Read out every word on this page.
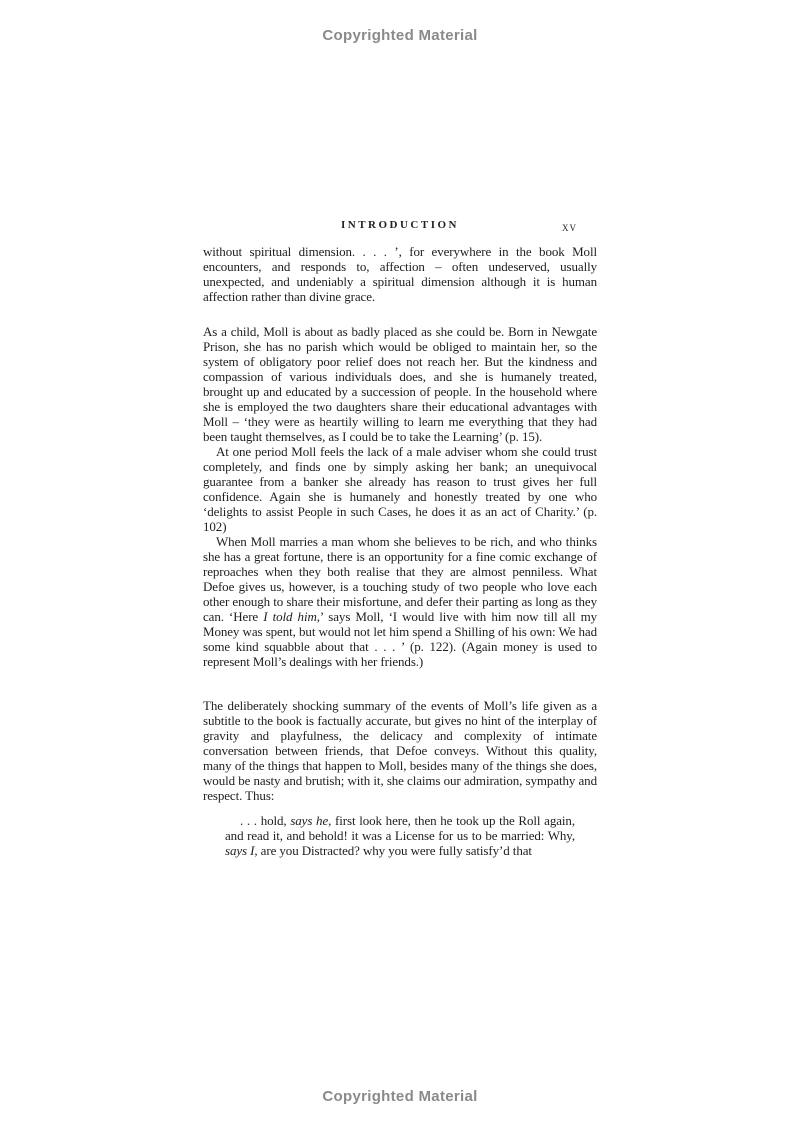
Copyrighted Material
INTRODUCTION	xv

without spiritual dimension. . . . ’, for everywhere in the book Moll encounters, and responds to, affection – often undeserved, usually unexpected, and undeniably a spiritual dimension although it is human affection rather than divine grace.

As a child, Moll is about as badly placed as she could be. Born in Newgate Prison, she has no parish which would be obliged to maintain her, so the system of obligatory poor relief does not reach her. But the kindness and compassion of various individuals does, and she is humanely treated, brought up and educated by a succession of people. In the household where she is employed the two daughters share their educational advantages with Moll – ‘they were as heartily willing to learn me everything that they had been taught themselves, as I could be to take the Learning’ (p. 15).

At one period Moll feels the lack of a male adviser whom she could trust completely, and finds one by simply asking her bank; an unequivocal guarantee from a banker she already has reason to trust gives her full confidence. Again she is humanely and honestly treated by one who ‘delights to assist People in such Cases, he does it as an act of Charity.’ (p. 102)

When Moll marries a man whom she believes to be rich, and who thinks she has a great fortune, there is an opportunity for a fine comic exchange of reproaches when they both realise that they are almost penniless. What Defoe gives us, however, is a touching study of two people who love each other enough to share their misfortune, and defer their parting as long as they can. ‘Here I told him,’ says Moll, ‘I would live with him now till all my Money was spent, but would not let him spend a Shilling of his own: We had some kind squabble about that . . . ’ (p. 122). (Again money is used to represent Moll’s dealings with her friends.)

The deliberately shocking summary of the events of Moll’s life given as a subtitle to the book is factually accurate, but gives no hint of the interplay of gravity and playfulness, the delicacy and complexity of intimate conversation between friends, that Defoe conveys. Without this quality, many of the things that happen to Moll, besides many of the things she does, would be nasty and brutish; with it, she claims our admiration, sympathy and respect. Thus:

. . . hold, says he, first look here, then he took up the Roll again, and read it, and behold! it was a License for us to be married: Why, says I, are you Distracted? why you were fully satisfy’d that

Copyrighted Material
